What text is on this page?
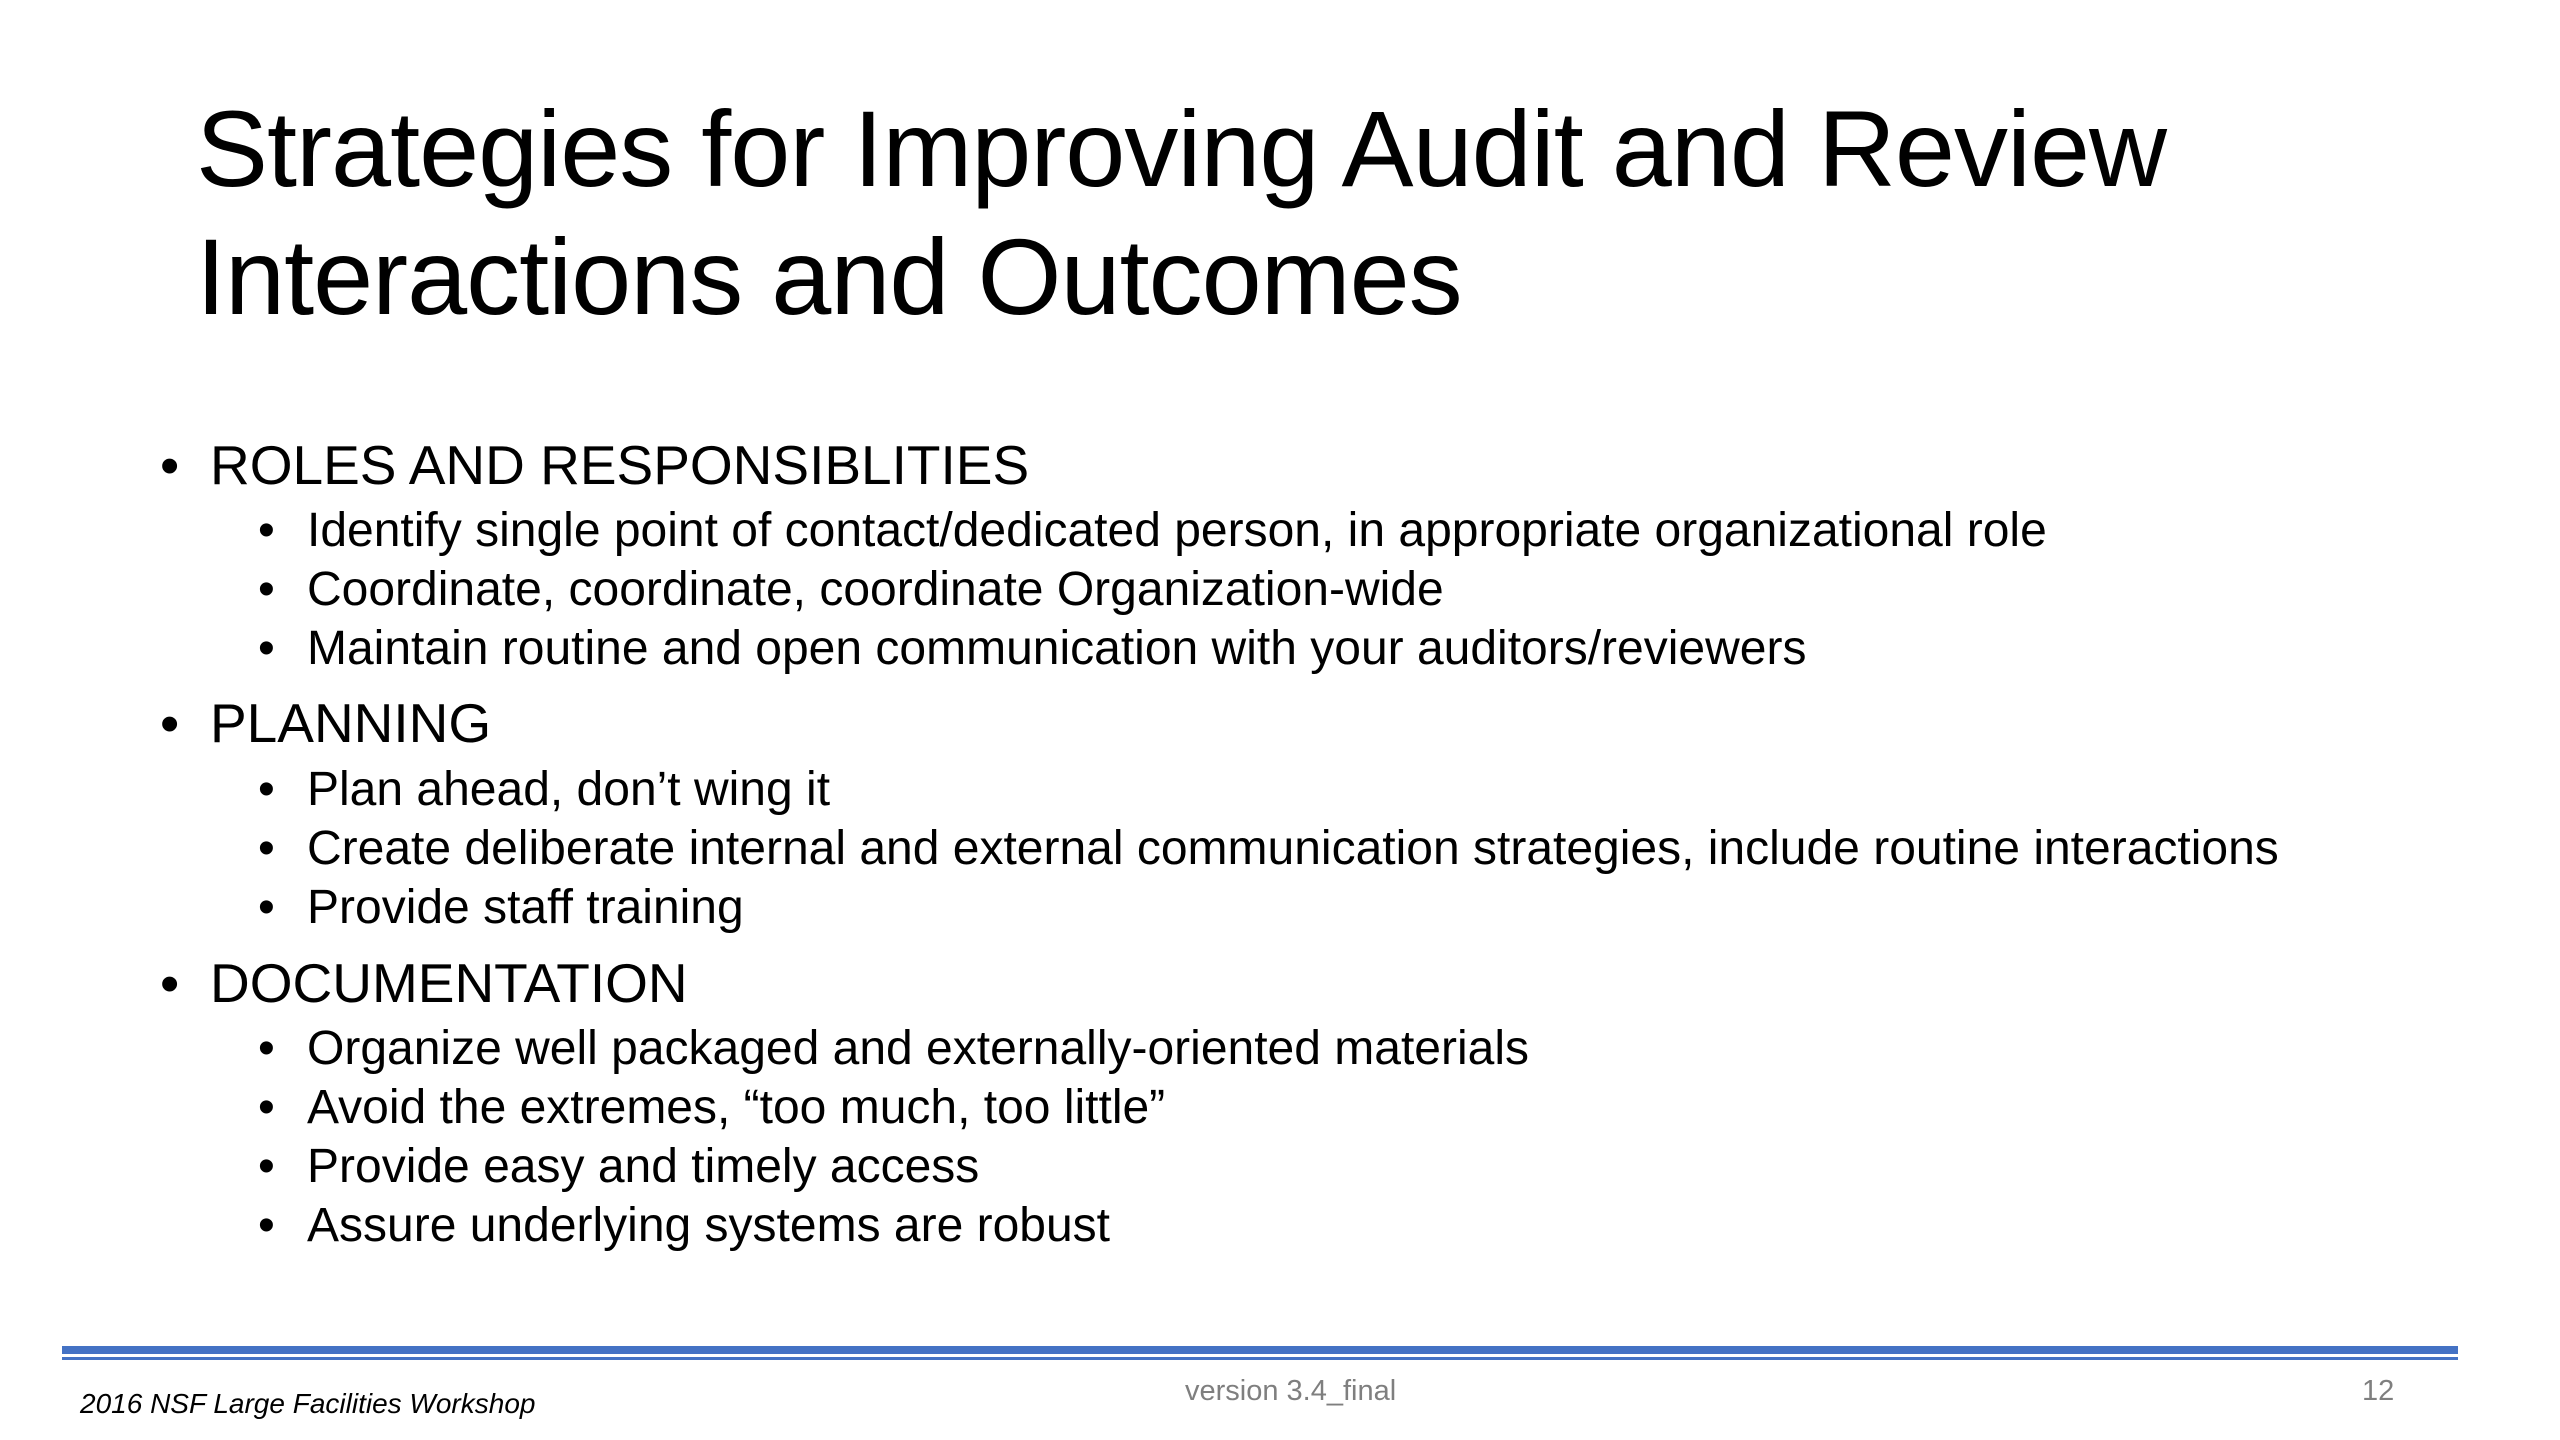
Strategies for Improving Audit and Review
Interactions and Outcomes
• ROLES AND RESPONSIBLITIES
• Identify single point of contact/dedicated person, in appropriate organizational role
• Coordinate, coordinate, coordinate Organization-wide
• Maintain routine and open communication with your auditors/reviewers
• PLANNING
• Plan ahead, don’t wing it
• Create deliberate internal and external communication strategies, include routine interactions
• Provide staff training
• DOCUMENTATION
• Organize well packaged and externally-oriented materials
• Avoid the extremes, “too much, too little”
• Provide easy and timely access
• Assure underlying systems are robust
2016 NSF Large Facilities Workshop	version 3.4_final	12
